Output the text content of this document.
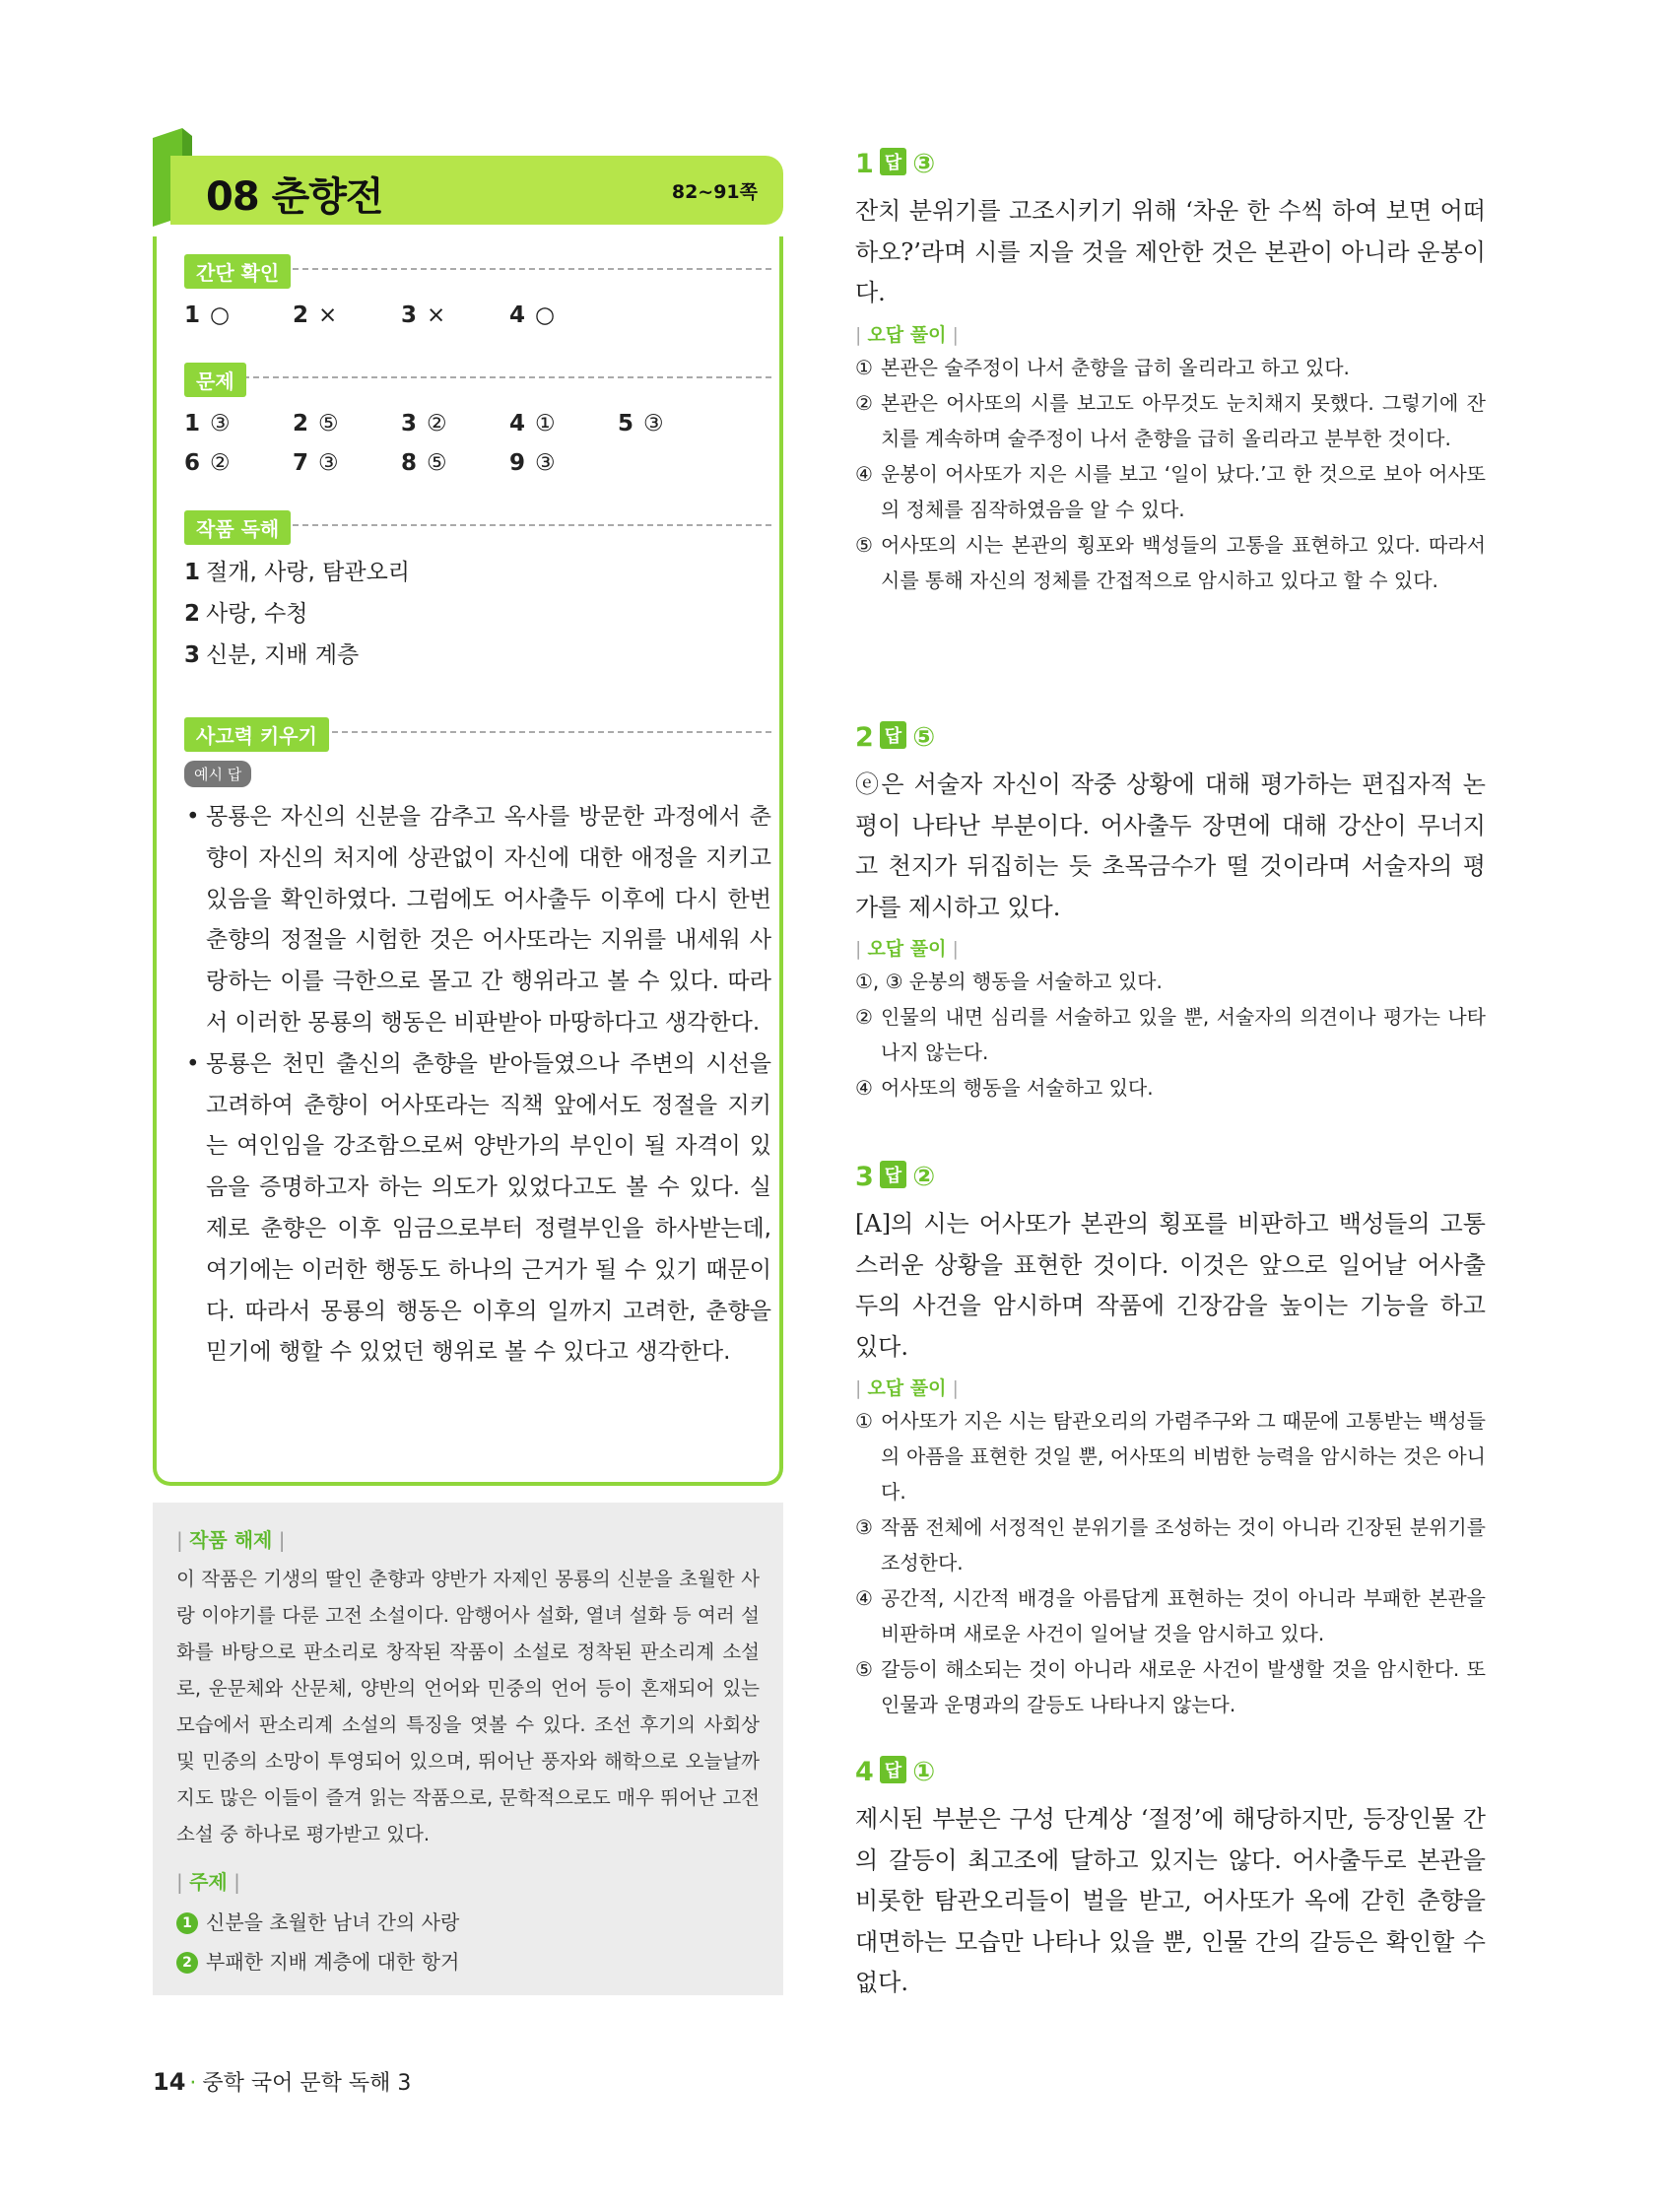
08 춘향전	82~91쪽
간단 확인
1 ○	2 ×	3 ×	4 ○
문제
1 ③	2 ⑤	3 ②	4 ①	5 ③
6 ②	7 ③	8 ⑤	9 ③
작품 독해
1 절개, 사랑, 탐관오리
2 사랑, 수청
3 신분, 지배 계층
사고력 키우기
예시 답
• 몽룡은 자신의 신분을 감추고 옥사를 방문한 과정에서 춘향이 자신의 처지에 상관없이 자신에 대한 애정을 지키고 있음을 확인하였다. 그럼에도 어사출두 이후에 다시 한번 춘향의 정절을 시험한 것은 어사또라는 지위를 내세워 사랑하는 이를 극한으로 몰고 간 행위라고 볼 수 있다. 따라서 이러한 몽룡의 행동은 비판받아 마땅하다고 생각한다.
• 몽룡은 천민 출신의 춘향을 받아들였으나 주변의 시선을 고려하여 춘향이 어사또라는 직책 앞에서도 정절을 지키는 여인임을 강조함으로써 양반가의 부인이 될 자격이 있음을 증명하고자 하는 의도가 있었다고도 볼 수 있다. 실제로 춘향은 이후 임금으로부터 정렬부인을 하사받는데, 여기에는 이러한 행동도 하나의 근거가 될 수 있기 때문이다. 따라서 몽룡의 행동은 이후의 일까지 고려한, 춘향을 믿기에 행할 수 있었던 행위로 볼 수 있다고 생각한다.
| 작품 해제 |
이 작품은 기생의 딸인 춘향과 양반가 자제인 몽룡의 신분을 초월한 사랑 이야기를 다룬 고전 소설이다. 암행어사 설화, 열녀 설화 등 여러 설화를 바탕으로 판소리로 창작된 작품이 소설로 정착된 판소리계 소설로, 운문체와 산문체, 양반의 언어와 민중의 언어 등이 혼재되어 있는 모습에서 판소리계 소설의 특징을 엿볼 수 있다. 조선 후기의 사회상 및 민중의 소망이 투영되어 있으며, 뛰어난 풍자와 해학으로 오늘날까지도 많은 이들이 즐겨 읽는 작품으로, 문학적으로도 매우 뛰어난 고전 소설 중 하나로 평가받고 있다.
| 주제 |
1 신분을 초월한 남녀 간의 사랑
2 부패한 지배 계층에 대한 항거
14 · 중학 국어 문학 독해 3
1 답 ③
잔치 분위기를 고조시키기 위해 ‘차운 한 수씩 하여 보면 어떠하오?’라며 시를 지을 것을 제안한 것은 본관이 아니라 운봉이다.
| 오답 풀이 |
① 본관은 술주정이 나서 춘향을 급히 올리라고 하고 있다.
② 본관은 어사또의 시를 보고도 아무것도 눈치채지 못했다. 그렇기에 잔치를 계속하며 술주정이 나서 춘향을 급히 올리라고 분부한 것이다.
④ 운봉이 어사또가 지은 시를 보고 ‘일이 났다.’고 한 것으로 보아 어사또의 정체를 짐작하였음을 알 수 있다.
⑤ 어사또의 시는 본관의 횡포와 백성들의 고통을 표현하고 있다. 따라서 시를 통해 자신의 정체를 간접적으로 암시하고 있다고 할 수 있다.
2 답 ⑤
ⓔ은 서술자 자신이 작중 상황에 대해 평가하는 편집자적 논평이 나타난 부분이다. 어사출두 장면에 대해 강산이 무너지고 천지가 뒤집히는 듯 초목금수가 떨 것이라며 서술자의 평가를 제시하고 있다.
| 오답 풀이 |
①, ③ 운봉의 행동을 서술하고 있다.
② 인물의 내면 심리를 서술하고 있을 뿐, 서술자의 의견이나 평가는 나타나지 않는다.
④ 어사또의 행동을 서술하고 있다.
3 답 ②
[A]의 시는 어사또가 본관의 횡포를 비판하고 백성들의 고통스러운 상황을 표현한 것이다. 이것은 앞으로 일어날 어사출두의 사건을 암시하며 작품에 긴장감을 높이는 기능을 하고 있다.
| 오답 풀이 |
① 어사또가 지은 시는 탐관오리의 가렴주구와 그 때문에 고통받는 백성들의 아픔을 표현한 것일 뿐, 어사또의 비범한 능력을 암시하는 것은 아니다.
③ 작품 전체에 서정적인 분위기를 조성하는 것이 아니라 긴장된 분위기를 조성한다.
④ 공간적, 시간적 배경을 아름답게 표현하는 것이 아니라 부패한 본관을 비판하며 새로운 사건이 일어날 것을 암시하고 있다.
⑤ 갈등이 해소되는 것이 아니라 새로운 사건이 발생할 것을 암시한다. 또 인물과 운명과의 갈등도 나타나지 않는다.
4 답 ①
제시된 부분은 구성 단계상 ‘절정’에 해당하지만, 등장인물 간의 갈등이 최고조에 달하고 있지는 않다. 어사출두로 본관을 비롯한 탐관오리들이 벌을 받고, 어사또가 옥에 갇힌 춘향을 대면하는 모습만 나타나 있을 뿐, 인물 간의 갈등은 확인할 수 없다.
